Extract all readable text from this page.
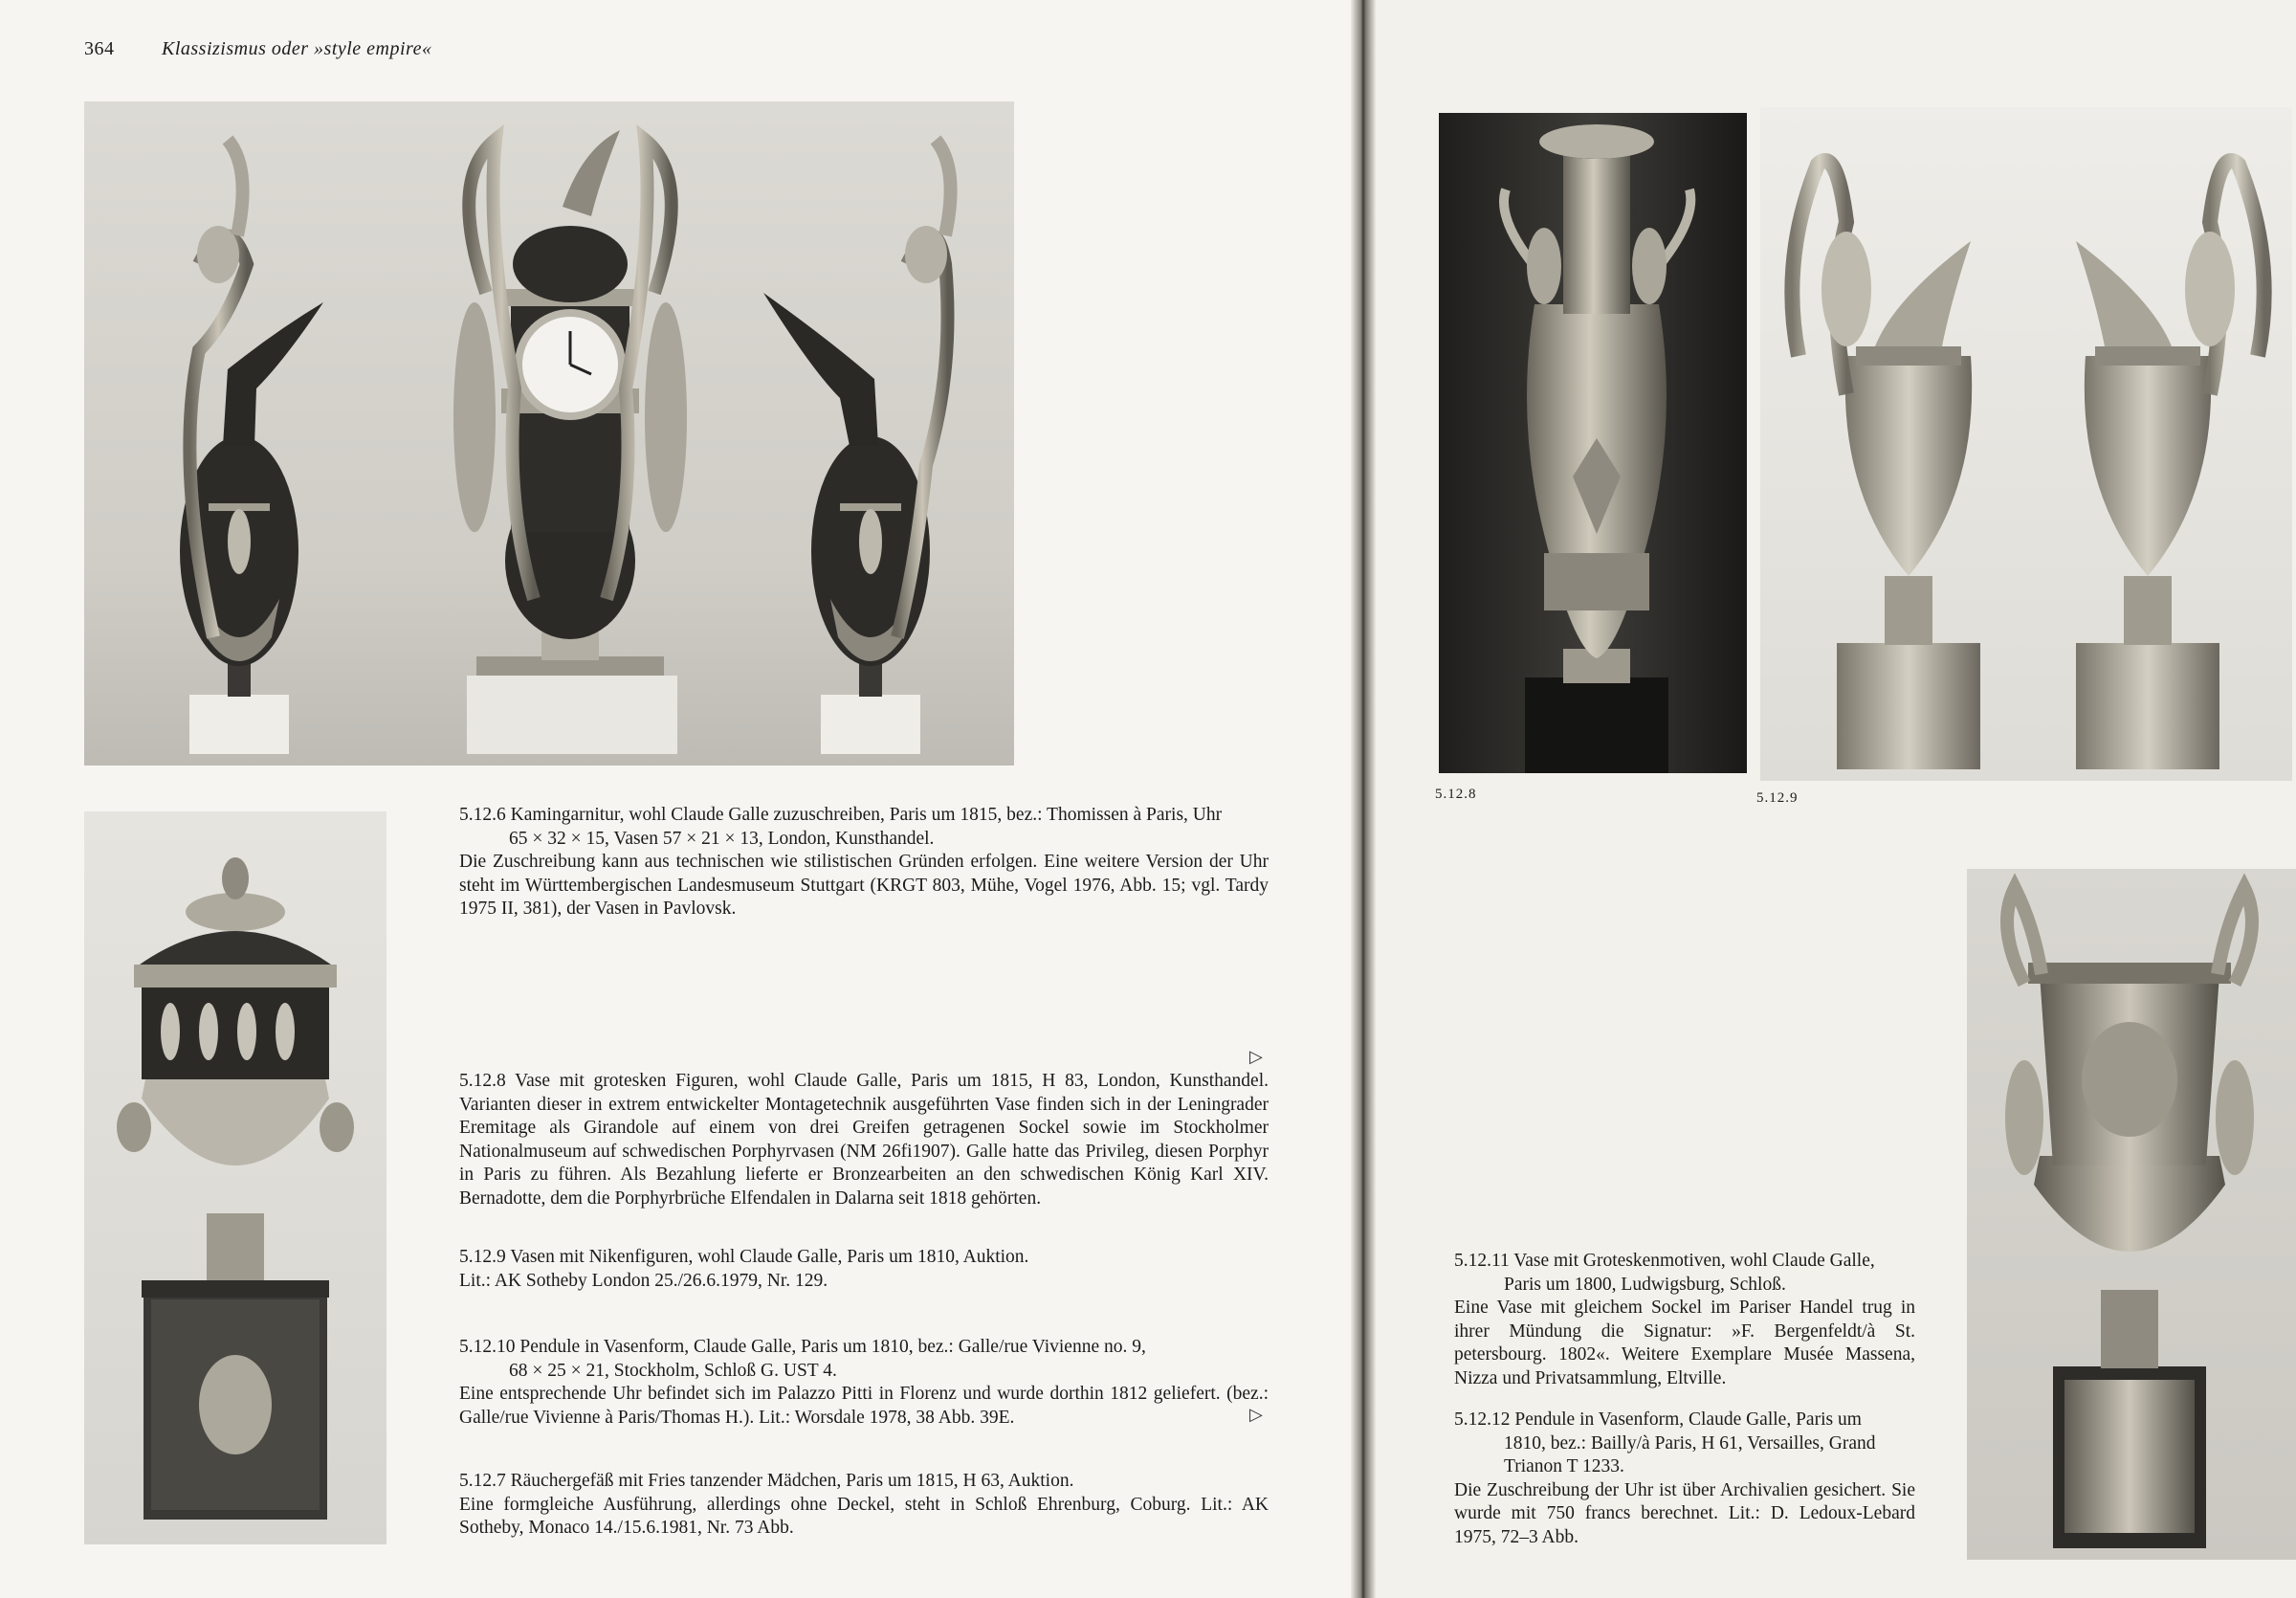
364 Klassizismus oder »style empire«

5.12.6 Kamingarnitur, wohl Claude Galle zuzuschreiben, Paris um 1815, bez.: Thomissen à Paris, Uhr

65 × 32 × 15, Vasen 57 × 21 × 13, London, Kunsthandel.

Die Zuschreibung kann aus technischen wie stilistischen Gründen erfolgen. Eine weitere Version der Uhr steht im Württembergischen Landesmuseum Stuttgart (KRGT 803, Mühe, Vogel 1976, Abb. 15; vgl. Tardy 1975 II, 381), der Vasen in Pavlovsk.

▷

5.12.8 Vase mit grotesken Figuren, wohl Claude Galle, Paris um 1815, H 83, London, Kunsthandel. Varianten dieser in extrem entwickelter Montagetechnik ausgeführten Vase finden sich in der Leningrader Eremitage als Girandole auf einem von drei Greifen getragenen Sockel sowie im Stockholmer Nationalmuseum auf schwedischen Porphyrvasen (NM 26fi1907). Galle hatte das Privileg, diesen Porphyr in Paris zu führen. Als Bezahlung lieferte er Bronzearbeiten an den schwedischen König Karl XIV. Bernadotte, dem die Porphyrbrüche Elfendalen in Dalarna seit 1818 gehörten.

5.12.9 Vasen mit Nikenfiguren, wohl Claude Galle, Paris um 1810, Auktion.

Lit.: AK Sotheby London 25./26.6.1979, Nr. 129.

5.12.10 Pendule in Vasenform, Claude Galle, Paris um 1810, bez.: Galle/rue Vivienne no. 9,

68 × 25 × 21, Stockholm, Schloß G. UST 4.

Eine entsprechende Uhr befindet sich im Palazzo Pitti in Florenz und wurde dorthin 1812 geliefert. (bez.: Galle/rue Vivienne à Paris/Thomas H.). Lit.: Worsdale 1978, 38 Abb. 39E.	▷

5.12.7 Räuchergefäß mit Fries tanzender Mädchen, Paris um 1815, H 63, Auktion.

Eine formgleiche Ausführung, allerdings ohne Deckel, steht in Schloß Ehrenburg, Coburg. Lit.: AK Sotheby, Monaco 14./15.6.1981, Nr. 73 Abb.

5.12.8	5.12.9

5.12.11 Vase mit Groteskenmotiven, wohl Claude Galle,

Paris um 1800, Ludwigsburg, Schloß.

Eine Vase mit gleichem Sockel im Pariser Handel trug in ihrer Mündung die Signatur: »F. Bergenfeldt/à St. petersbourg. 1802«. Weitere Exemplare Musée Massena, Nizza und Privatsammlung, Eltville.

5.12.12 Pendule in Vasenform, Claude Galle, Paris um

1810, bez.: Bailly/à Paris, H 61, Versailles, Grand

Trianon T 1233.

Die Zuschreibung der Uhr ist über Archivalien gesichert. Sie wurde mit 750 francs berechnet. Lit.: D. Ledoux-Lebard 1975, 72–3 Abb.
